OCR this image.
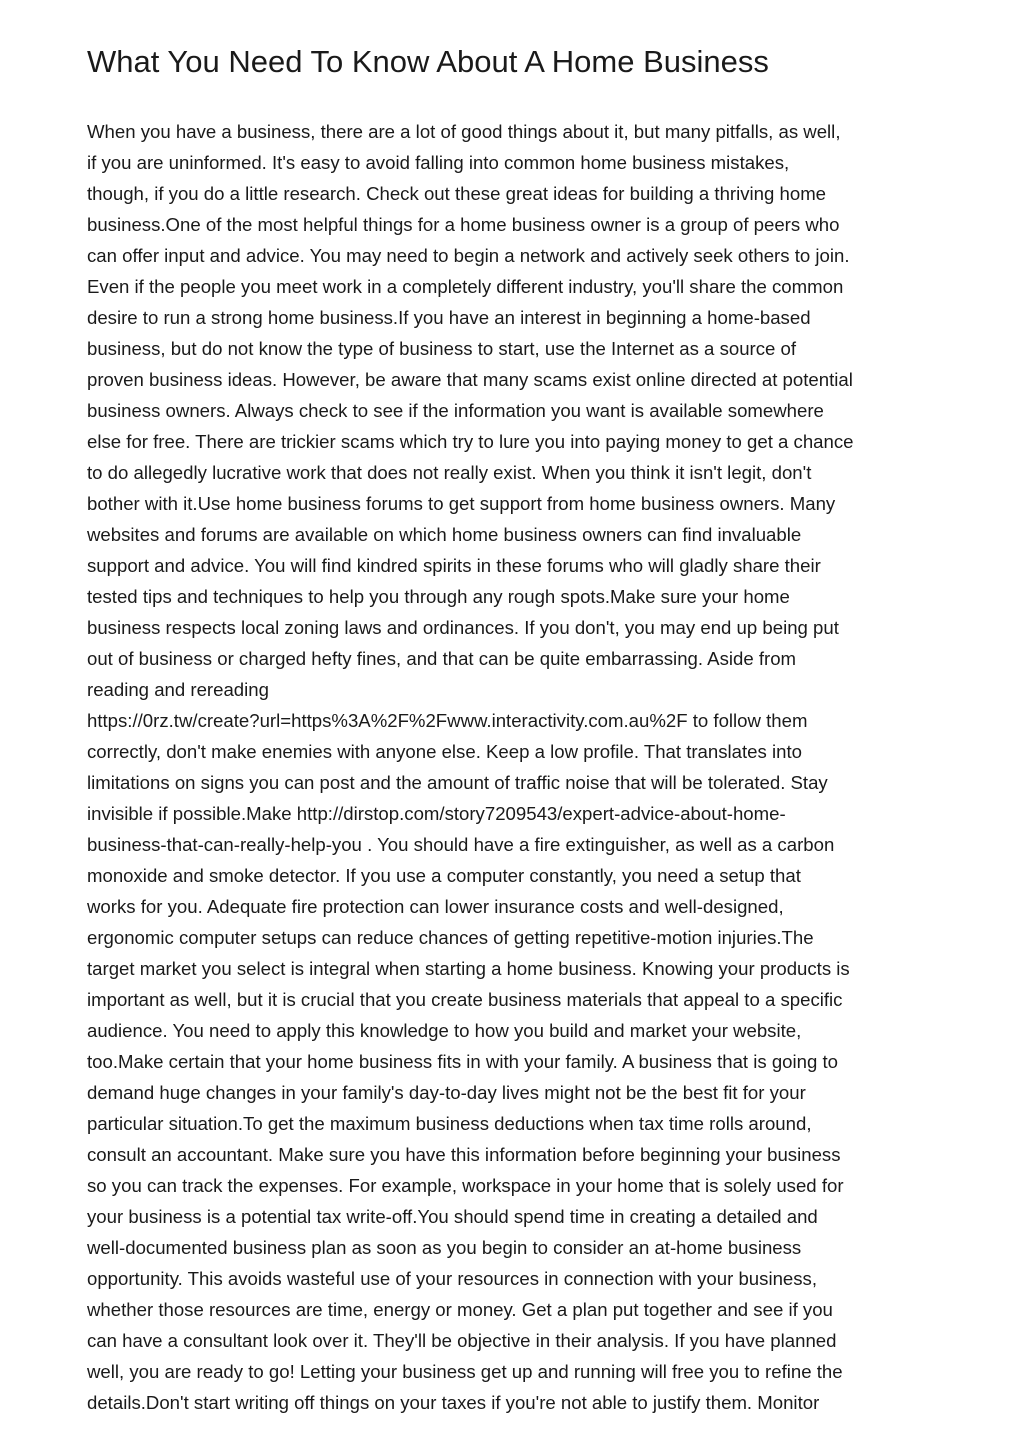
What You Need To Know About A Home Business
When you have a business, there are a lot of good things about it, but many pitfalls, as well,
if you are uninformed. It's easy to avoid falling into common home business mistakes,
though, if you do a little research. Check out these great ideas for building a thriving home
business.One of the most helpful things for a home business owner is a group of peers who
can offer input and advice. You may need to begin a network and actively seek others to join.
Even if the people you meet work in a completely different industry, you'll share the common
desire to run a strong home business.If you have an interest in beginning a home-based
business, but do not know the type of business to start, use the Internet as a source of
proven business ideas. However, be aware that many scams exist online directed at potential
business owners. Always check to see if the information you want is available somewhere
else for free. There are trickier scams which try to lure you into paying money to get a chance
to do allegedly lucrative work that does not really exist. When you think it isn't legit, don't
bother with it.Use home business forums to get support from home business owners. Many
websites and forums are available on which home business owners can find invaluable
support and advice. You will find kindred spirits in these forums who will gladly share their
tested tips and techniques to help you through any rough spots.Make sure your home
business respects local zoning laws and ordinances. If you don't, you may end up being put
out of business or charged hefty fines, and that can be quite embarrassing. Aside from
reading and rereading
https://0rz.tw/create?url=https%3A%2F%2Fwww.interactivity.com.au%2F to follow them
correctly, don't make enemies with anyone else. Keep a low profile. That translates into
limitations on signs you can post and the amount of traffic noise that will be tolerated. Stay
invisible if possible.Make http://dirstop.com/story7209543/expert-advice-about-home-
business-that-can-really-help-you . You should have a fire extinguisher, as well as a carbon
monoxide and smoke detector. If you use a computer constantly, you need a setup that
works for you. Adequate fire protection can lower insurance costs and well-designed,
ergonomic computer setups can reduce chances of getting repetitive-motion injuries.The
target market you select is integral when starting a home business. Knowing your products is
important as well, but it is crucial that you create business materials that appeal to a specific
audience. You need to apply this knowledge to how you build and market your website,
too.Make certain that your home business fits in with your family. A business that is going to
demand huge changes in your family's day-to-day lives might not be the best fit for your
particular situation.To get the maximum business deductions when tax time rolls around,
consult an accountant. Make sure you have this information before beginning your business
so you can track the expenses. For example, workspace in your home that is solely used for
your business is a potential tax write-off.You should spend time in creating a detailed and
well-documented business plan as soon as you begin to consider an at-home business
opportunity. This avoids wasteful use of your resources in connection with your business,
whether those resources are time, energy or money. Get a plan put together and see if you
can have a consultant look over it. They'll be objective in their analysis. If you have planned
well, you are ready to go! Letting your business get up and running will free you to refine the
details.Don't start writing off things on your taxes if you're not able to justify them. Monitor
